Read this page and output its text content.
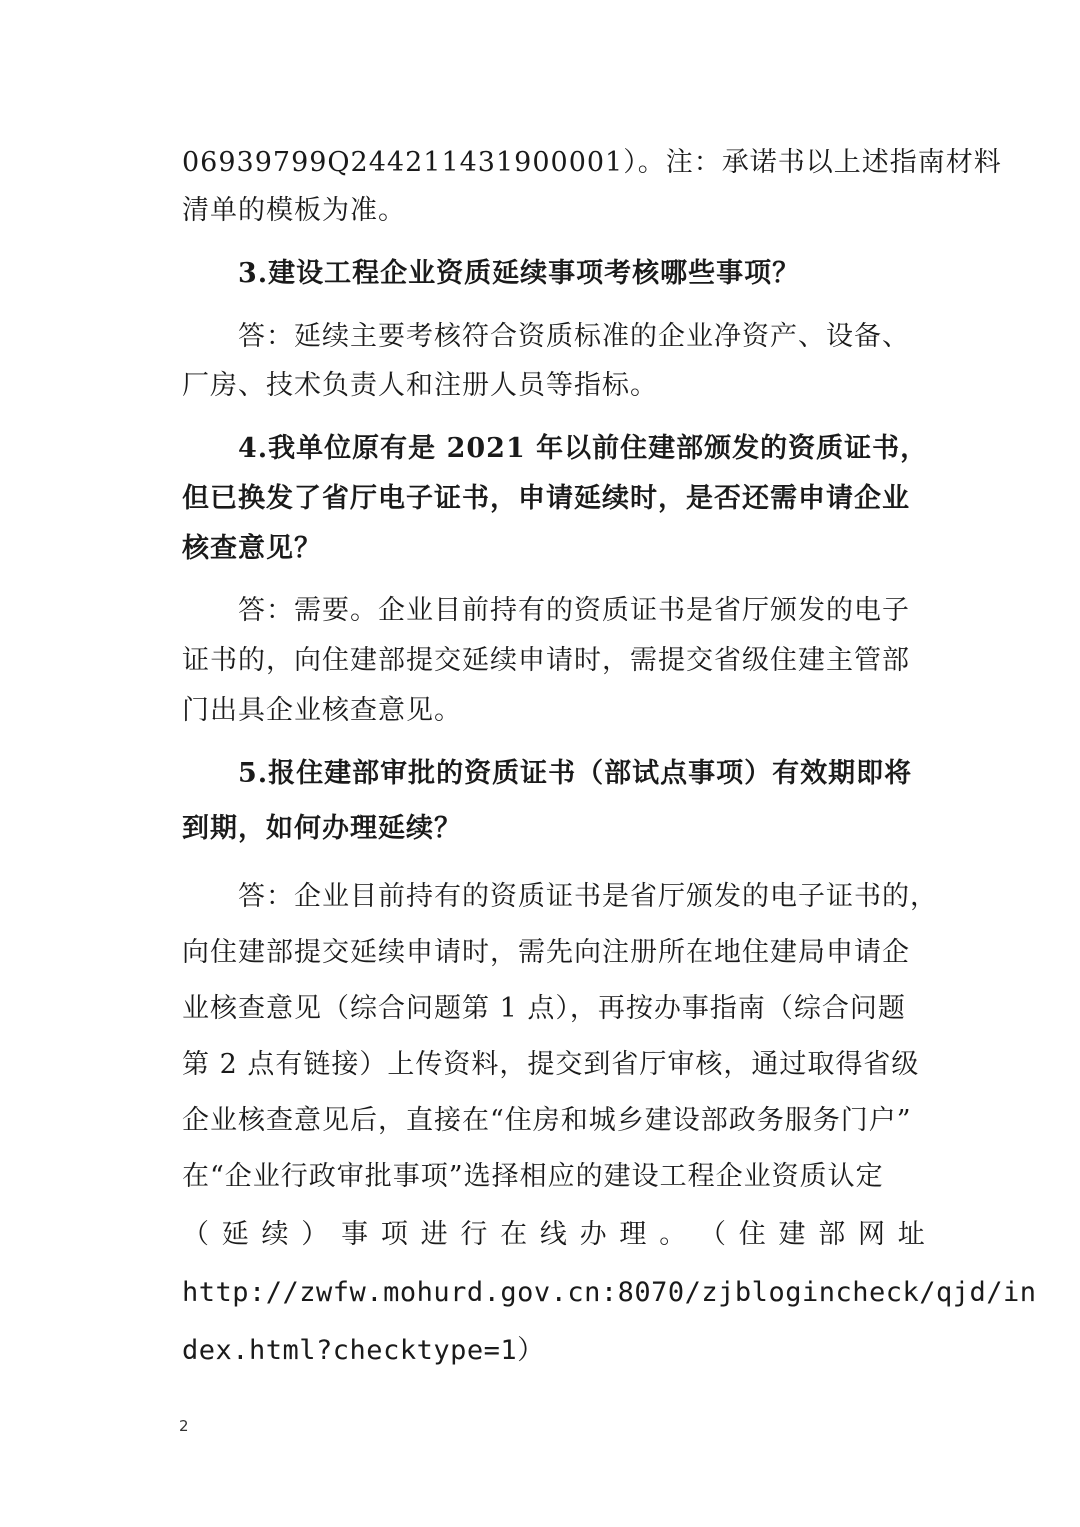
06939799Q244211431900001）。注：承诺书以上述指南材料
清单的模板为准。
3.建设工程企业资质延续事项考核哪些事项？
答：延续主要考核符合资质标准的企业净资产、设备、
厂房、技术负责人和注册人员等指标。
4.我单位原有是 2021 年以前住建部颁发的资质证书，
但已换发了省厅电子证书，申请延续时，是否还需申请企业
核查意见？
答：需要。企业目前持有的资质证书是省厅颁发的电子
证书的，向住建部提交延续申请时，需提交省级住建主管部
门出具企业核查意见。
5.报住建部审批的资质证书（部试点事项）有效期即将
到期，如何办理延续？
答：企业目前持有的资质证书是省厅颁发的电子证书的，
向住建部提交延续申请时，需先向注册所在地住建局申请企
业核查意见（综合问题第 1 点），再按办事指南（综合问题
第 2 点有链接）上传资料，提交到省厅审核，通过取得省级
企业核查意见后，直接在“住房和城乡建设部政务服务门户”
在“企业行政审批事项”选择相应的建设工程企业资质认定
（ 延 续 ） 事 项 进 行 在 线 办 理 。 （ 住 建 部 网 址
http://zwfw.mohurd.gov.cn:8070/zjblogincheck/qjd/in
dex.html?checktype=1）
2
